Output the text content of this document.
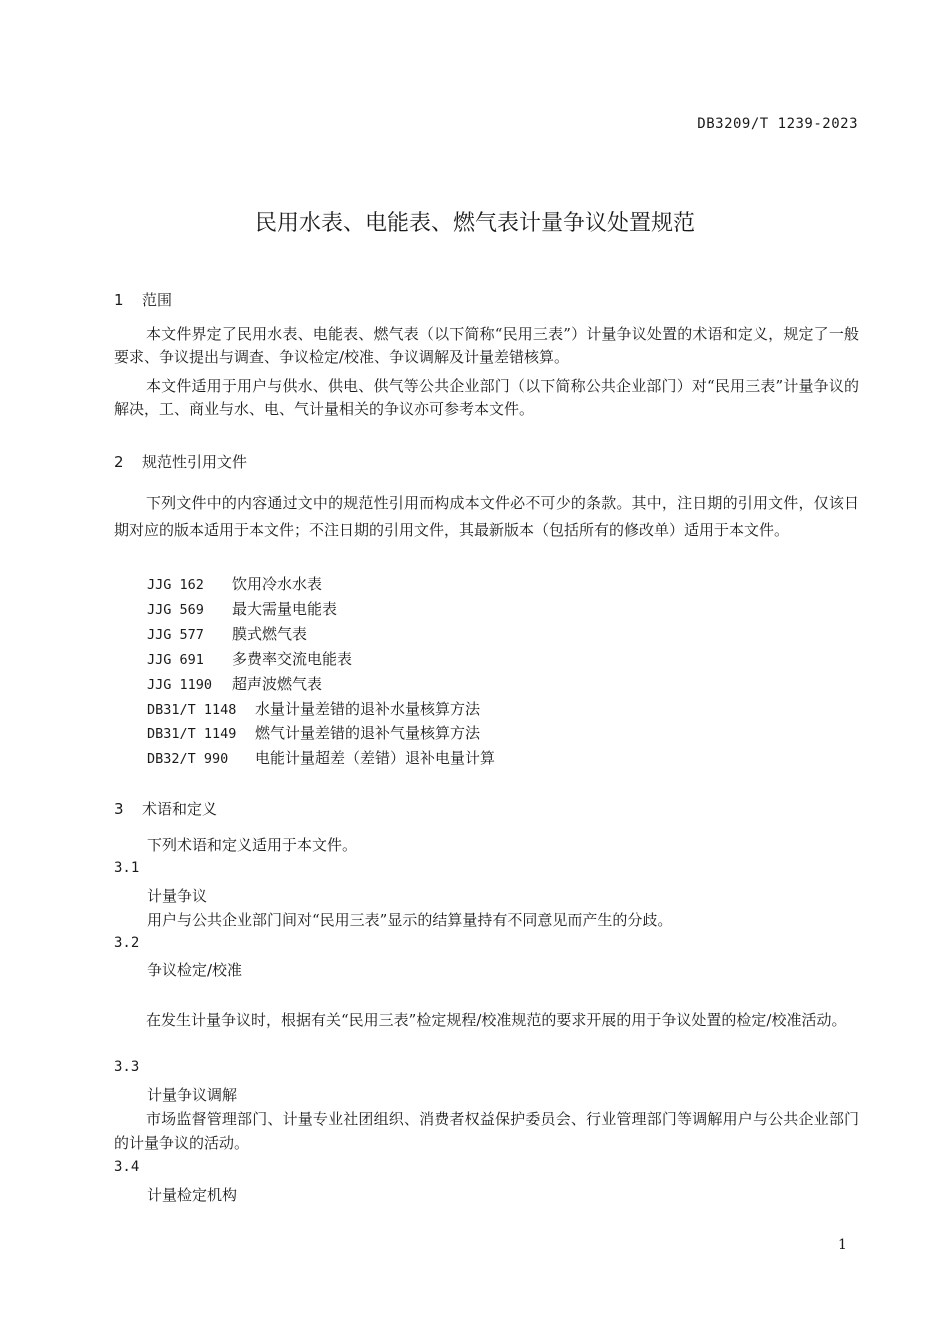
DB3209/T 1239-2023
民用水表、电能表、燃气表计量争议处置规范
1 范围
本文件界定了民用水表、电能表、燃气表（以下简称“民用三表”）计量争议处置的术语和定义，规定了一般要求、争议提出与调查、争议检定/校准、争议调解及计量差错核算。
本文件适用于用户与供水、供电、供气等公共企业部门（以下简称公共企业部门）对“民用三表”计量争议的解决，工、商业与水、电、气计量相关的争议亦可参考本文件。
2 规范性引用文件
下列文件中的内容通过文中的规范性引用而构成本文件必不可少的条款。其中，注日期的引用文件，仅该日期对应的版本适用于本文件；不注日期的引用文件，其最新版本（包括所有的修改单）适用于本文件。
JJG 162 饮用冷水水表
JJG 569 最大需量电能表
JJG 577 膜式燃气表
JJG 691 多费率交流电能表
JJG 1190 超声波燃气表
DB31/T 1148 水量计量差错的退补水量核算方法
DB31/T 1149 燃气计量差错的退补气量核算方法
DB32/T 990 电能计量超差（差错）退补电量计算
3 术语和定义
下列术语和定义适用于本文件。
3.1
计量争议
用户与公共企业部门间对“民用三表”显示的结算量持有不同意见而产生的分歧。
3.2
争议检定/校准
在发生计量争议时，根据有关“民用三表”检定规程/校准规范的要求开展的用于争议处置的检定/校准活动。
3.3
计量争议调解
市场监督管理部门、计量专业社团组织、消费者权益保护委员会、行业管理部门等调解用户与公共企业部门的计量争议的活动。
3.4
计量检定机构
1
